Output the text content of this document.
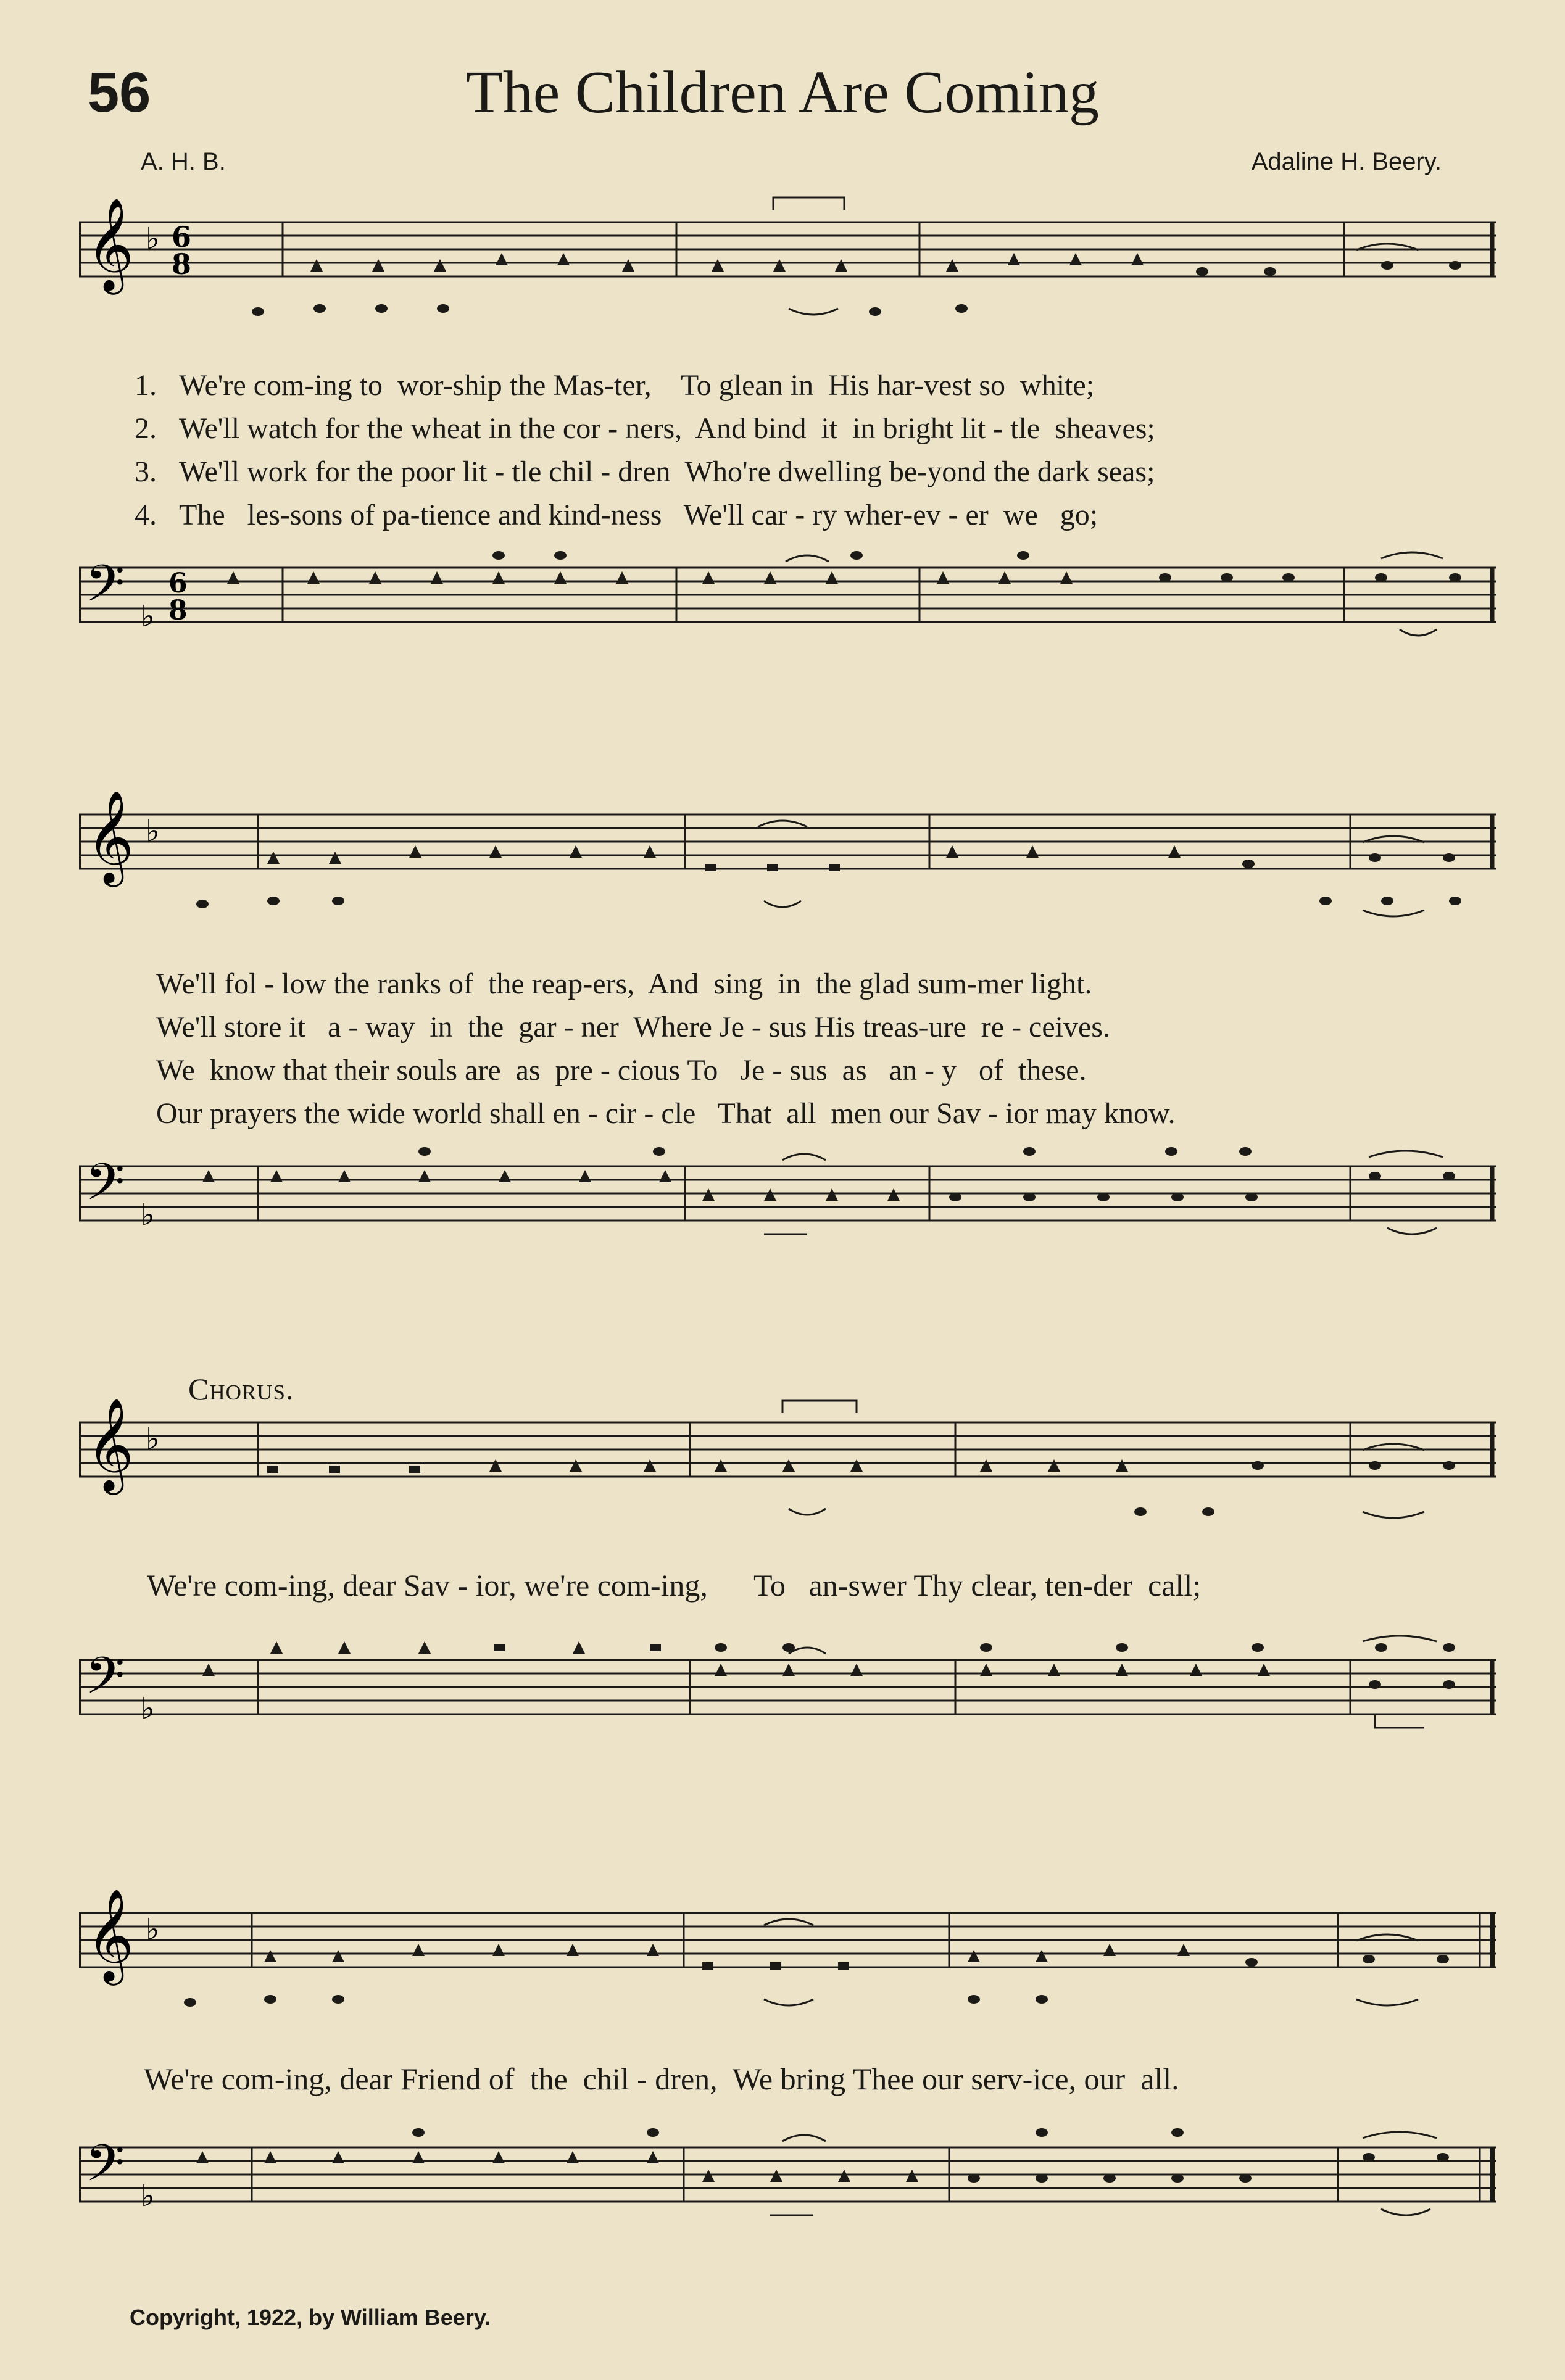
56	The Children Are Coming
A. H. B.	Adaline H. Beery.
𝄞 ♭ 6
8
1. We're com-ing to  wor-ship the Mas-ter,    To glean in  His har-vest so  white;
2. We'll watch for the wheat in the cor - ners,  And bind  it  in bright lit - tle  sheaves;
3. We'll work for the poor lit - tle chil - dren  Who're dwelling be-yond the dark seas;
4. The   les-sons of pa-tience and kind-ness   We'll car - ry wher-ev - er  we   go;
𝄢 ♭
6
8
𝄞 ♭
We'll fol - low the ranks of  the reap-ers,  And  sing  in  the glad sum-mer light.
We'll store it   a - way  in  the  gar - ner  Where Je - sus His treas-ure  re - ceives.
We  know that their souls are  as  pre - cious To   Je - sus  as   an - y   of  these.
Our prayers the wide world shall en - cir - cle   That  all  men our Sav - ior may know.
𝄢 ♭
Chorus.
𝄞 ♭
We're com-ing, dear Sav - ior, we're com-ing,      To   an-swer Thy clear, ten-der  call;
𝄢 ♭
𝄞 ♭
We're com-ing, dear Friend of  the  chil - dren,  We bring Thee our serv-ice, our  all.
𝄢 ♭
Copyright, 1922, by William Beery.
